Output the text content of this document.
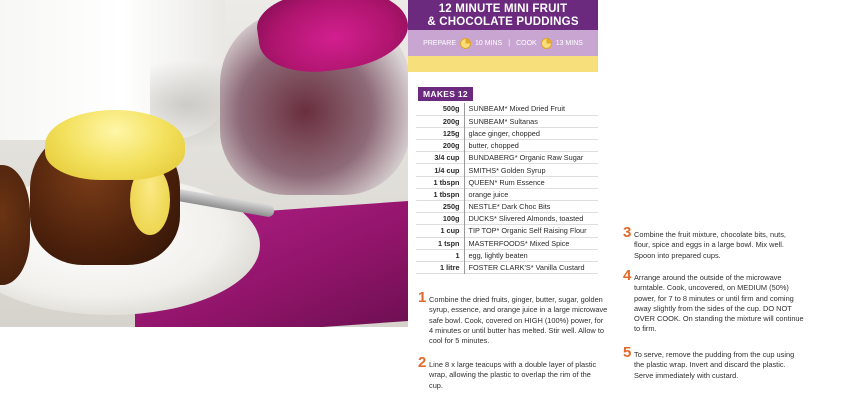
12 MINUTE MINI FRUIT
& CHOCOLATE PUDDINGS
PREPARE	10 MINS | COOK	13 MINS
MAKES 12
500g	SUNBEAM* Mixed Dried Fruit
200g	SUNBEAM* Sultanas
125g	glace ginger, chopped
200g	butter, chopped
3/4 cup	BUNDABERG* Organic Raw Sugar
1/4 cup	SMITHS* Golden Syrup
1 tbspn	QUEEN* Rum Essence
1 tbspn	orange juice
250g	NESTLE* Dark Choc Bits
100g	DUCKS* Slivered Almonds, toasted
1 cup	TIP TOP* Organic Self Raising Flour
1 tspn	MASTERFOODS* Mixed Spice
1	egg, lightly beaten
1 litre	FOSTER CLARK'S* Vanilla Custard
1 Combine the dried fruits, ginger, butter, sugar, golden syrup, essence, and orange juice in a large microwave safe bowl. Cook, covered on HIGH (100%) power, for 4 minutes or until butter has melted. Stir well. Allow to cool for 5 minutes.
2 Line 8 x large teacups with a double layer of plastic wrap, allowing the plastic to overlap the rim of the cup.
3 Combine the fruit mixture, chocolate bits, nuts, flour, spice and eggs in a large bowl. Mix well. Spoon into prepared cups.
4 Arrange around the outside of the microwave turntable. Cook, uncovered, on MEDIUM (50%) power, for 7 to 8 minutes or until firm and coming away slightly from the sides of the cup. DO NOT OVER COOK. On standing the mixture will continue to firm.
5 To serve, remove the pudding from the cup using the plastic wrap. Invert and discard the plastic. Serve immediately with custard.
